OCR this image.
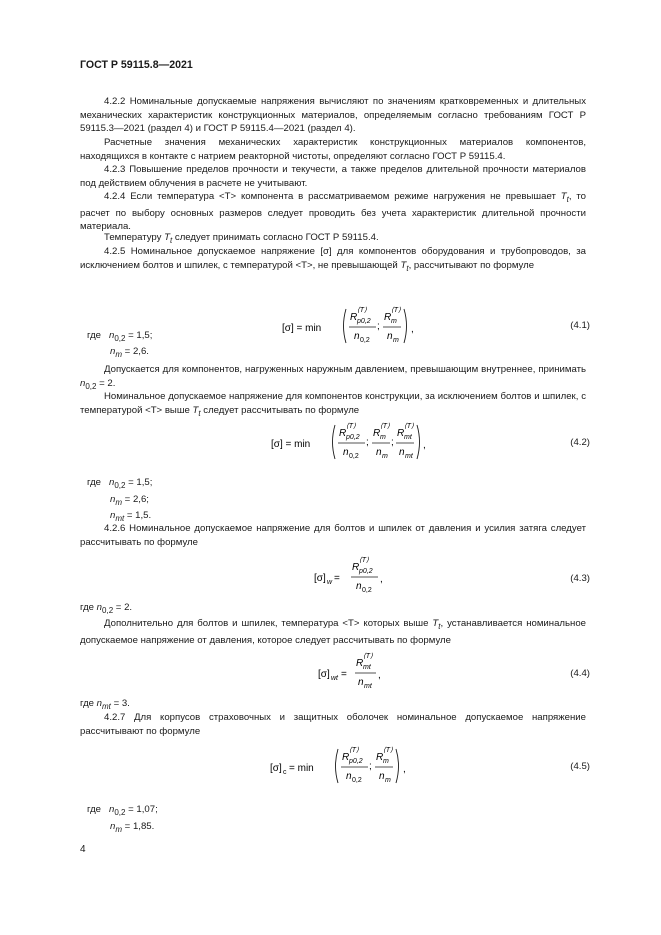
ГОСТ Р 59115.8—2021
4.2.2 Номинальные допускаемые напряжения вычисляют по значениям кратковременных и длительных механических характеристик конструкционных материалов, определяемым согласно требованиям ГОСТ Р 59115.3—2021 (раздел 4) и ГОСТ Р 59115.4—2021 (раздел 4).
Расчетные значения механических характеристик конструкционных материалов компонентов, находящихся в контакте с натрием реакторной чистоты, определяют согласно ГОСТ Р 59115.4.
4.2.3 Повышение пределов прочности и текучести, а также пределов длительной прочности материалов под действием облучения в расчете не учитывают.
4.2.4 Если температура <T> компонента в рассматриваемом режиме нагружения не превышает $T_t$, то расчет по выбору основных размеров следует проводить без учета характеристик длительной прочности материала.
Температуру $T_t$ следует принимать согласно ГОСТ Р 59115.4.
4.2.5 Номинальное допускаемое напряжение [σ] для компонентов оборудования и трубопроводов, за исключением болтов и шпилек, с температурой <T>, не превышающей $T_t$, рассчитывают по формуле
[σ] = min
R
⟨T⟩
p0,2
n 0,2
;
R
⟨T⟩
m
n m
,	(4.1)
где $n_{0,2} = 1,5$;
$n_m = 2,6$.
Допускается для компонентов, нагруженных наружным давлением, превышающим внутреннее, принимать $n_{0,2} = 2$.
Номинальное допускаемое напряжение для компонентов конструкции, за исключением болтов и шпилек, с температурой <T> выше $T_t$ следует рассчитывать по формуле
[σ] = min
R
⟨T⟩
p0,2
n 0,2
;
R
⟨T⟩
m
n m
;
R
⟨T⟩
mt
n mt
,	(4.2)
где $n_{0,2} = 1,5$;
$n_m = 2,6$;
$n_{mt} = 1,5$.
4.2.6 Номинальное допускаемое напряжение для болтов и шпилек от давления и усилия затяга следует рассчитывать по формуле
[σ] w =
R
⟨T⟩
p0,2
n 0,2
,	(4.3)
где $n_{0,2} = 2$.
Дополнительно для болтов и шпилек, температура <T> которых выше $T_t$, устанавливается номинальное допускаемое напряжение от давления, которое следует рассчитывать по формуле
[σ] wt =
R
⟨T⟩
mt
n mt
,	(4.4)
где $n_{mt} = 3$.
4.2.7 Для корпусов страховочных и защитных оболочек номинальное допускаемое напряжение рассчитывают по формуле
[σ] c = min
R
⟨T⟩
p0,2
n 0,2
;
R
⟨T⟩
m
n m
,	(4.5)
где $n_{0,2} = 1,07$;
$n_m = 1,85$.
4
